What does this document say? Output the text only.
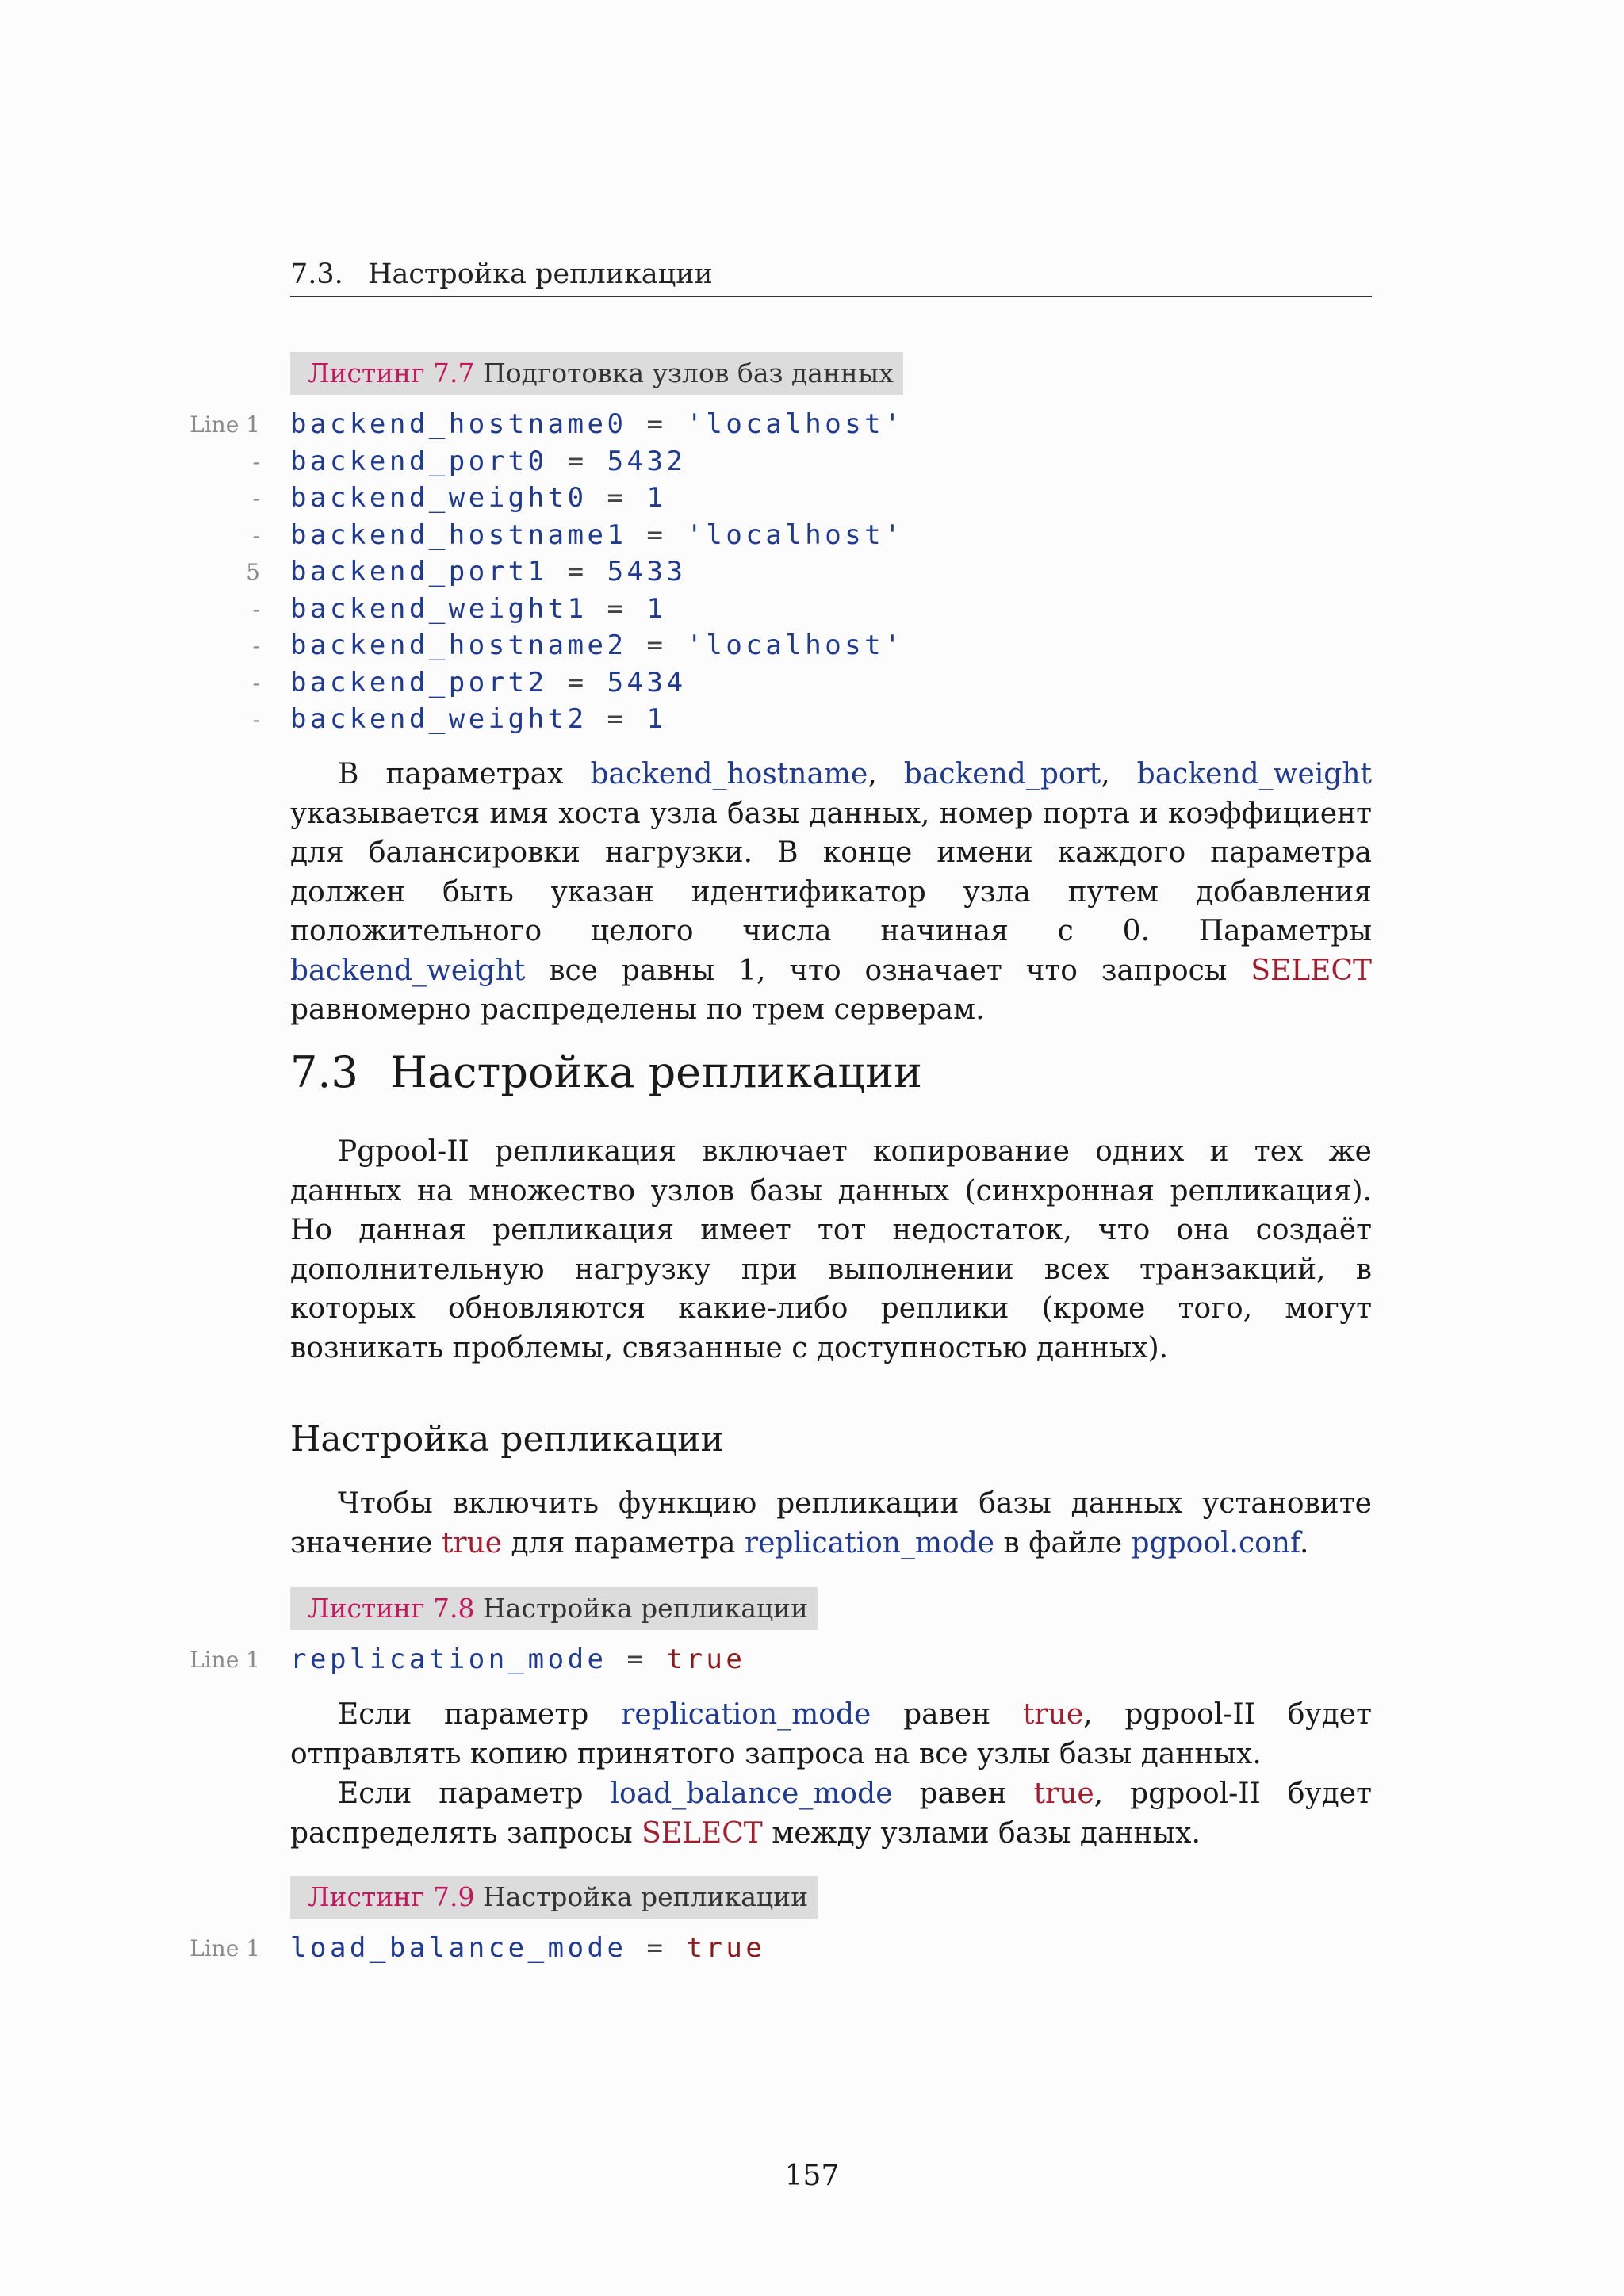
7.3. Настройка репликации
Листинг 7.7 Подготовка узлов баз данных
Line 1 backend_hostname0 = 'localhost'
- backend_port0 = 5432
- backend_weight0 = 1
- backend_hostname1 = 'localhost'
5 backend_port1 = 5433
- backend_weight1 = 1
- backend_hostname2 = 'localhost'
- backend_port2 = 5434
- backend_weight2 = 1
В параметрах backend_hostname, backend_port, backend_weight указывается имя хоста узла базы данных, номер порта и коэффициент для балансировки нагрузки. В конце имени каждого параметра должен быть указан идентификатор узла путем добавления положительного целого числа начиная с 0. Параметры backend_weight все равны 1, что означает что запросы SELECT равномерно распределены по трем серверам.
7.3 Настройка репликации
Pgpool-II репликация включает копирование одних и тех же данных на множество узлов базы данных (синхронная репликация). Но данная репликация имеет тот недостаток, что она создаёт дополнительную нагрузку при выполнении всех транзакций, в которых обновляются какие-либо реплики (кроме того, могут возникать проблемы, связанные с доступностью данных).
Настройка репликации
Чтобы включить функцию репликации базы данных установите значение true для параметра replication_mode в файле pgpool.conf.
Листинг 7.8 Настройка репликации
Line 1 replication_mode = true
Если параметр replication_mode равен true, pgpool-II будет отправлять копию принятого запроса на все узлы базы данных.
Если параметр load_balance_mode равен true, pgpool-II будет распределять запросы SELECT между узлами базы данных.
Листинг 7.9 Настройка репликации
Line 1 load_balance_mode = true
157
